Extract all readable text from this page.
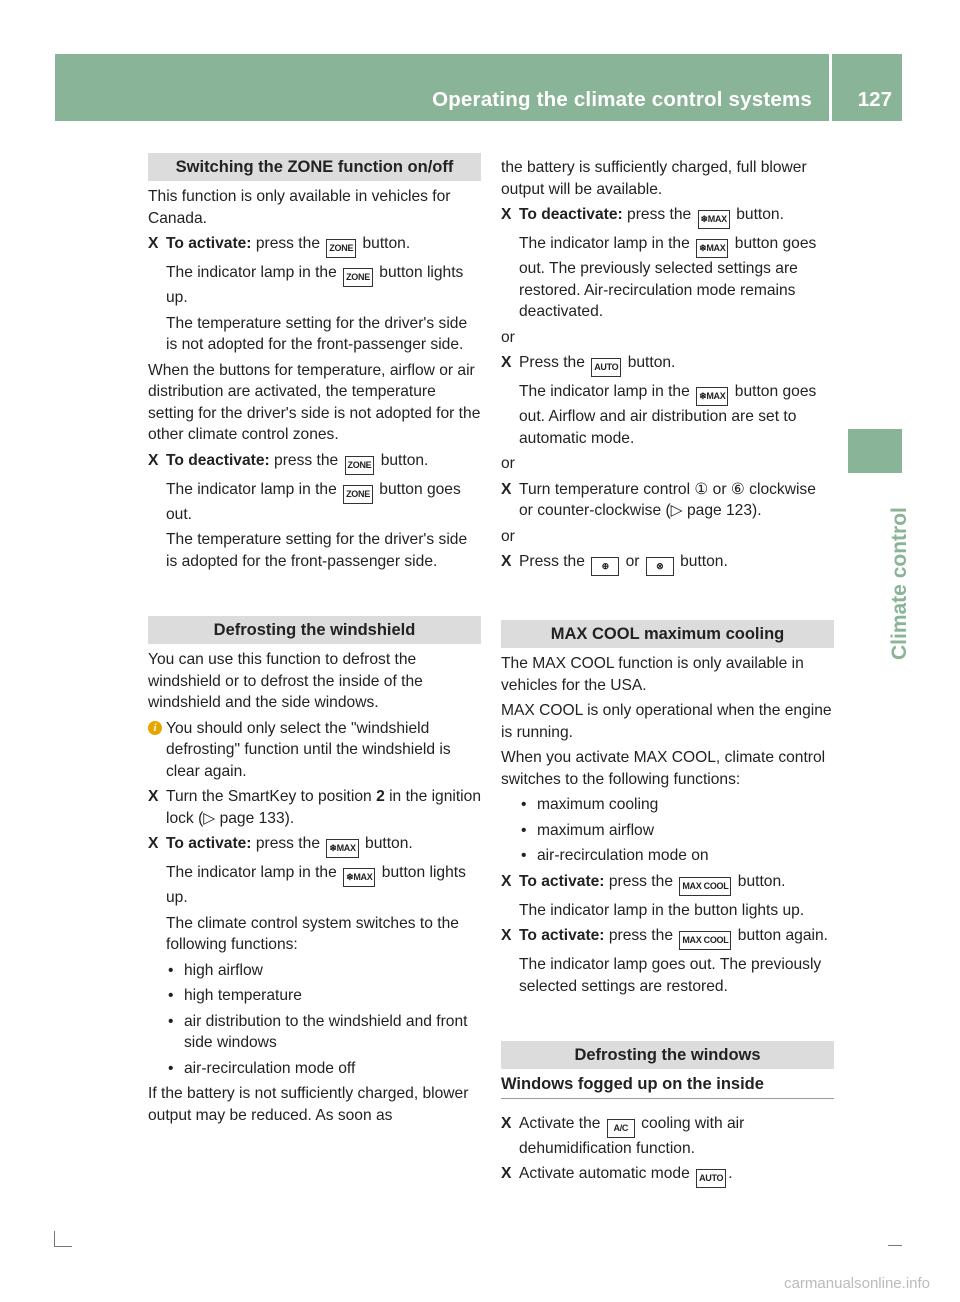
Operating the climate control systems 127
Climate control
Switching the ZONE function on/off

This function is only available in vehicles for Canada.

X To activate: press the ZONE button.
The indicator lamp in the ZONE button lights up.
The temperature setting for the driver's side is not adopted for the front-passenger side.

When the buttons for temperature, airflow or air distribution are activated, the temperature setting for the driver's side is not adopted for the other climate control zones.

X To deactivate: press the ZONE button.
The indicator lamp in the ZONE button goes out.
The temperature setting for the driver's side is adopted for the front-passenger side.
Defrosting the windshield

You can use this function to defrost the windshield or to defrost the inside of the windshield and the side windows.

i You should only select the "windshield defrosting" function until the windshield is clear again.
X Turn the SmartKey to position 2 in the ignition lock (▷ page 133).
X To activate: press the ❄MAX button.
The indicator lamp in the ❄MAX button lights up.
The climate control system switches to the following functions:
• high airflow
• high temperature
• air distribution to the windshield and front side windows
• air-recirculation mode off

If the battery is not sufficiently charged, blower output may be reduced. As soon as

the battery is sufficiently charged, full blower output will be available.

X To deactivate: press the ❄MAX button.
The indicator lamp in the ❄MAX button goes out. The previously selected settings are restored. Air-recirculation mode remains deactivated.

or

X Press the AUTO button.
The indicator lamp in the ❄MAX button goes out. Airflow and air distribution are set to automatic mode.

or

X Turn temperature control ① or ⑥ clockwise or counter-clockwise (▷ page 123).

or

X Press the ⊕ or ⊗ button.
MAX COOL maximum cooling

The MAX COOL function is only available in vehicles for the USA.

MAX COOL is only operational when the engine is running.

When you activate MAX COOL, climate control switches to the following functions:

• maximum cooling
• maximum airflow
• air-recirculation mode on
X To activate: press the MAX COOL button.
The indicator lamp in the button lights up.
X To activate: press the MAX COOL button again.
The indicator lamp goes out. The previously selected settings are restored.
Defrosting the windows
Windows fogged up on the inside
X Activate the A/C cooling with air dehumidification function.
X Activate automatic mode AUTO .
carmanualsonline.info
